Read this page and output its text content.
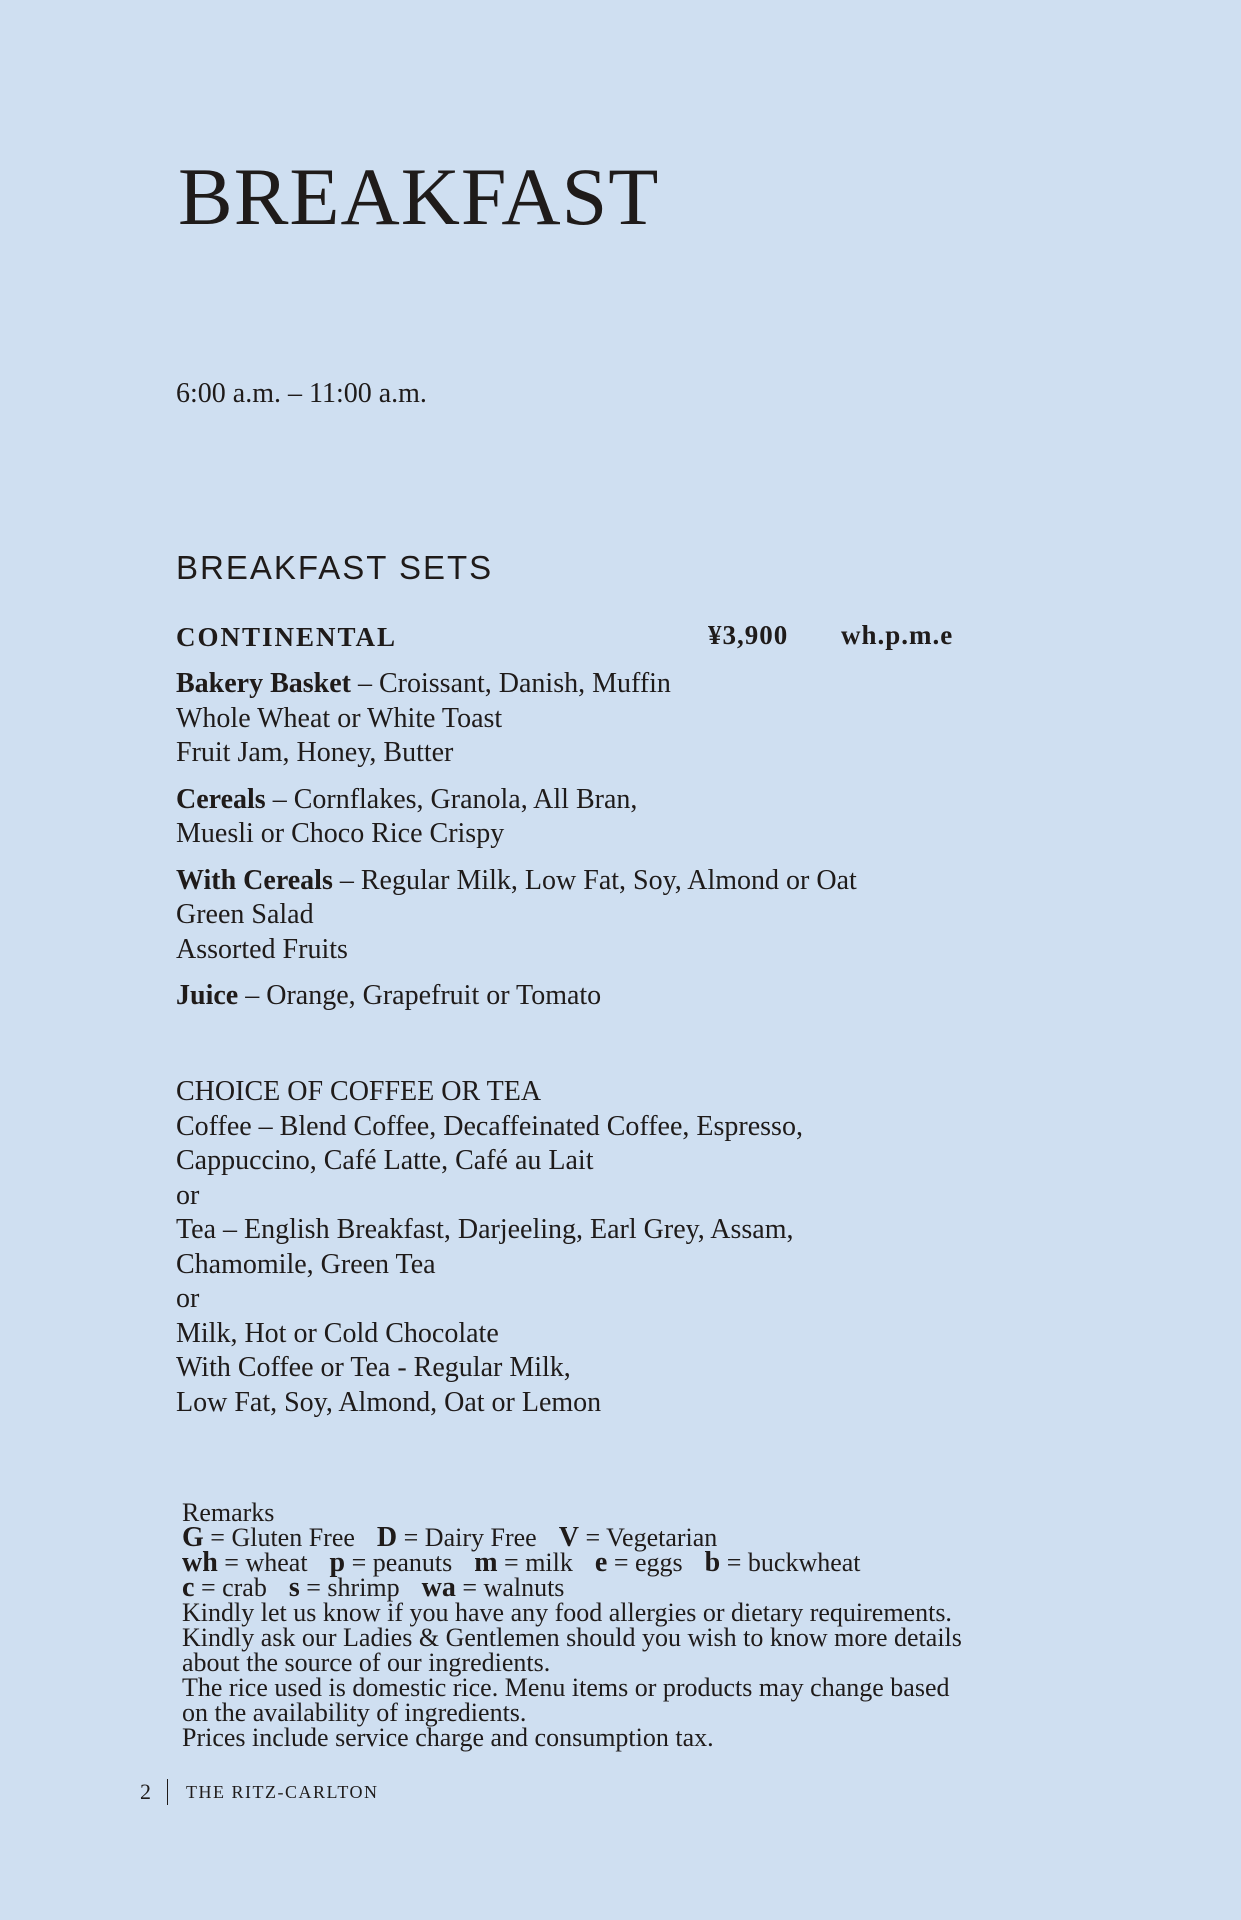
BREAKFAST
6:00 a.m. – 11:00 a.m.
BREAKFAST SETS
CONTINENTAL	¥3,900 wh.p.m.e
Bakery Basket – Croissant, Danish, Muffin
Whole Wheat or White Toast
Fruit Jam, Honey, Butter
Cereals – Cornflakes, Granola, All Bran,
Muesli or Choco Rice Crispy
With Cereals – Regular Milk, Low Fat, Soy, Almond or Oat
Green Salad
Assorted Fruits
Juice – Orange, Grapefruit or Tomato
CHOICE OF COFFEE OR TEA
Coffee – Blend Coffee, Decaffeinated Coffee, Espresso,
Cappuccino, Café Latte, Café au Lait
or
Tea – English Breakfast, Darjeeling, Earl Grey, Assam,
Chamomile, Green Tea
or
Milk, Hot or Cold Chocolate
With Coffee or Tea - Regular Milk,
Low Fat, Soy, Almond, Oat or Lemon
Remarks
G = Gluten Free D = Dairy Free V = Vegetarian
wh = wheat p = peanuts m = milk e = eggs b = buckwheat
c = crab s = shrimp wa = walnuts
Kindly let us know if you have any food allergies or dietary requirements.
Kindly ask our Ladies & Gentlemen should you wish to know more details
about the source of our ingredients.
The rice used is domestic rice. Menu items or products may change based
on the availability of ingredients.
Prices include service charge and consumption tax.
2 THE RITZ-CARLTON
